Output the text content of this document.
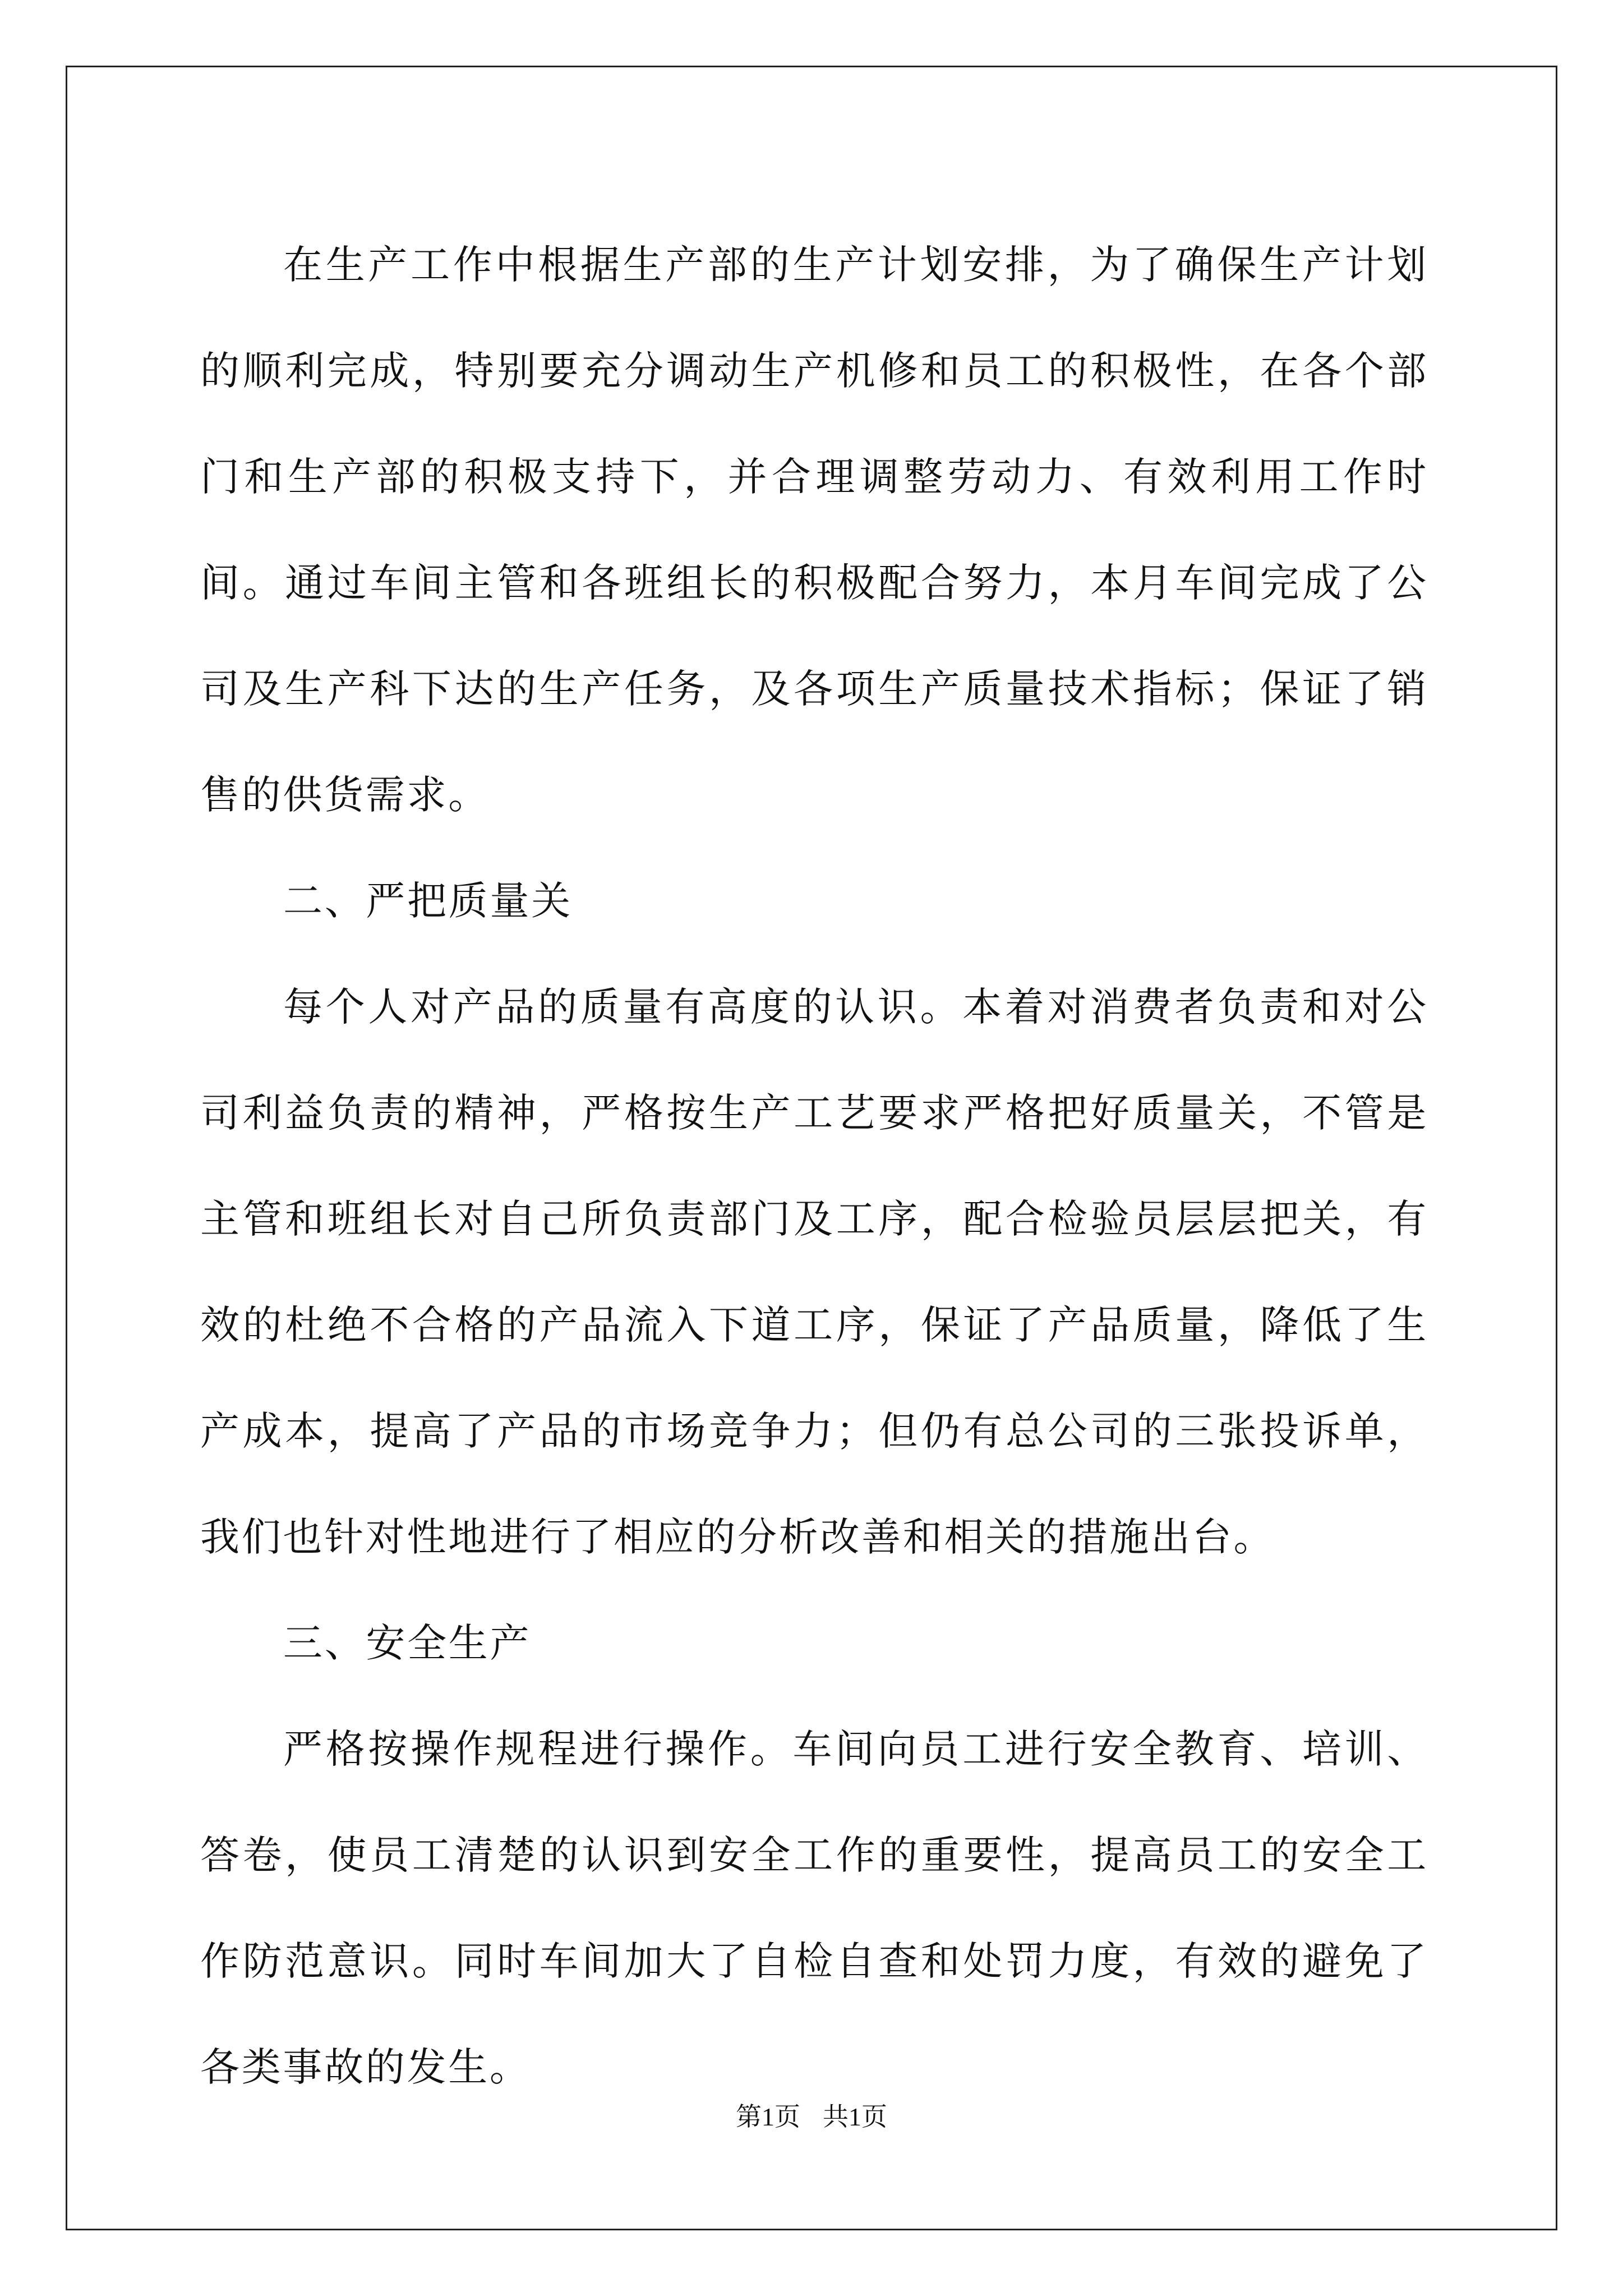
在生产工作中根据生产部的生产计划安排，为了确保生产计划的顺利完成，特别要充分调动生产机修和员工的积极性，在各个部门和生产部的积极支持下，并合理调整劳动力、有效利用工作时间。通过车间主管和各班组长的积极配合努力，本月车间完成了公司及生产科下达的生产任务，及各项生产质量技术指标；保证了销售的供货需求。

二、严把质量关

每个人对产品的质量有高度的认识。本着对消费者负责和对公司利益负责的精神，严格按生产工艺要求严格把好质量关，不管是主管和班组长对自己所负责部门及工序，配合检验员层层把关，有效的杜绝不合格的产品流入下道工序，保证了产品质量，降低了生产成本，提高了产品的市场竞争力；但仍有总公司的三张投诉单，我们也针对性地进行了相应的分析改善和相关的措施出台。

三、安全生产

严格按操作规程进行操作。车间向员工进行安全教育、培训、答卷，使员工清楚的认识到安全工作的重要性，提高员工的安全工作防范意识。同时车间加大了自检自查和处罚力度，有效的避免了各类事故的发生。

第1页 共1页
